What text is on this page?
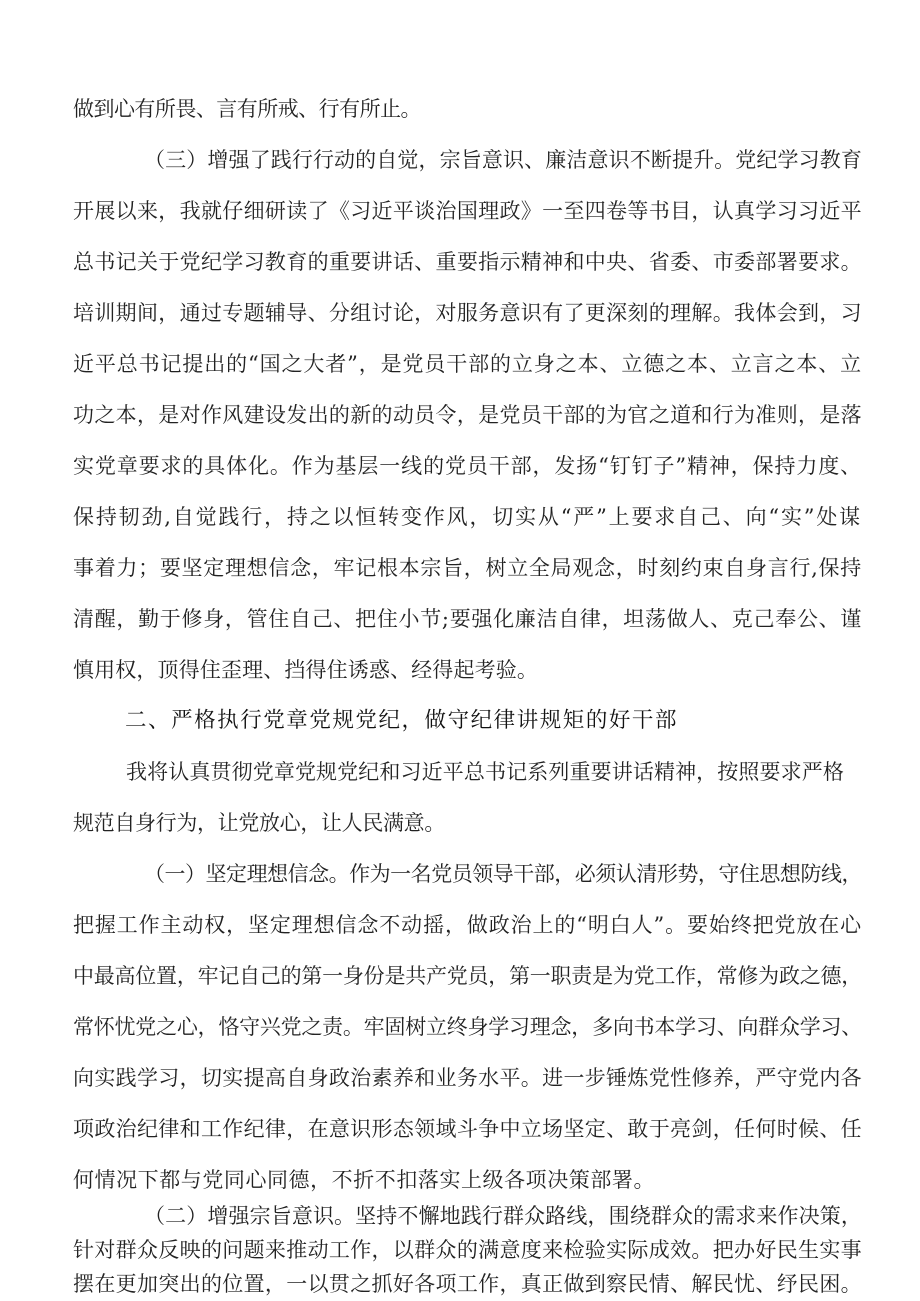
做到心有所畏、言有所戒、行有所止。
（三）增强了践行行动的自觉，宗旨意识、廉洁意识不断提升。党纪学习教育
开展以来，我就仔细研读了《习近平谈治国理政》一至四卷等书目，认真学习习近平
总书记关于党纪学习教育的重要讲话、重要指示精神和中央、省委、市委部署要求。
培训期间，通过专题辅导、分组讨论，对服务意识有了更深刻的理解。我体会到，习
近平总书记提出的“国之大者”，是党员干部的立身之本、立德之本、立言之本、立
功之本，是对作风建设发出的新的动员令，是党员干部的为官之道和行为准则，是落
实党章要求的具体化。作为基层一线的党员干部，发扬“钉钉子”精神，保持力度、
保持韧劲,自觉践行，持之以恒转变作风，切实从“严”上要求自己、向“实”处谋
事着力；要坚定理想信念，牢记根本宗旨，树立全局观念，时刻约束自身言行,保持
清醒，勤于修身，管住自己、把住小节;要强化廉洁自律，坦荡做人、克己奉公、谨
慎用权，顶得住歪理、挡得住诱惑、经得起考验。
二、严格执行党章党规党纪，做守纪律讲规矩的好干部
我将认真贯彻党章党规党纪和习近平总书记系列重要讲话精神，按照要求严格
规范自身行为，让党放心，让人民满意。
（一）坚定理想信念。作为一名党员领导干部，必须认清形势，守住思想防线，
把握工作主动权，坚定理想信念不动摇，做政治上的“明白人”。要始终把党放在心
中最高位置，牢记自己的第一身份是共产党员，第一职责是为党工作，常修为政之德，
常怀忧党之心，恪守兴党之责。牢固树立终身学习理念，多向书本学习、向群众学习、
向实践学习，切实提高自身政治素养和业务水平。进一步锤炼党性修养，严守党内各
项政治纪律和工作纪律，在意识形态领域斗争中立场坚定、敢于亮剑，任何时候、任
何情况下都与党同心同德，不折不扣落实上级各项决策部署。
（二）增强宗旨意识。坚持不懈地践行群众路线，围绕群众的需求来作决策，
针对群众反映的问题来推动工作，以群众的满意度来检验实际成效。把办好民生实事
摆在更加突出的位置，一以贯之抓好各项工作，真正做到察民情、解民忧、纾民困。
